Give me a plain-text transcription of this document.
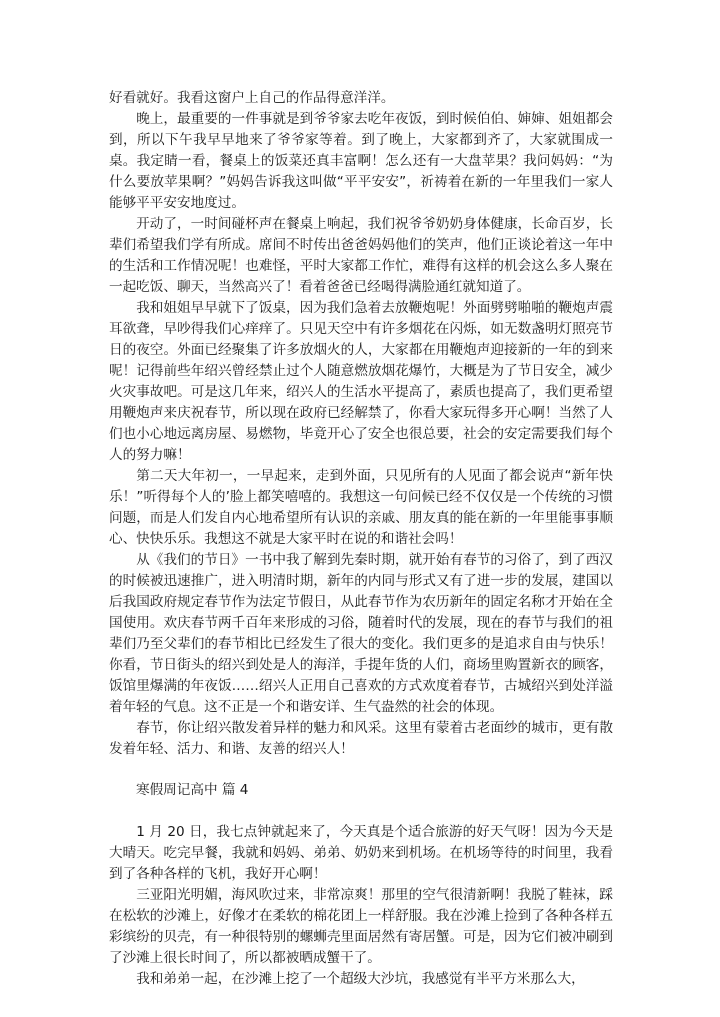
好看就好。我看这窗户上自己的作品得意洋洋。

晚上，最重要的一件事就是到爷爷家去吃年夜饭，到时候伯伯、婶婶、姐姐都会到，所以下午我早早地来了爷爷家等着。到了晚上，大家都到齐了，大家就围成一桌。我定睛一看，餐桌上的饭菜还真丰富啊！怎么还有一大盘苹果？我问妈妈：“为什么要放苹果啊？”妈妈告诉我这叫做“平平安安”，祈祷着在新的一年里我们一家人能够平平安安地度过。

开动了，一时间碰杯声在餐桌上响起，我们祝爷爷奶奶身体健康，长命百岁，长辈们希望我们学有所成。席间不时传出爸爸妈妈他们的笑声，他们正谈论着这一年中的生活和工作情况呢！也难怪，平时大家都工作忙，难得有这样的机会这么多人聚在一起吃饭、聊天，当然高兴了！看着爸爸已经喝得满脸通红就知道了。

我和姐姐早早就下了饭桌，因为我们急着去放鞭炮呢！外面劈劈啪啪的鞭炮声震耳欲聋，早吵得我们心痒痒了。只见天空中有许多烟花在闪烁，如无数盏明灯照亮节日的夜空。外面已经聚集了许多放烟火的人，大家都在用鞭炮声迎接新的一年的到来呢！记得前些年绍兴曾经禁止过个人随意燃放烟花爆竹，大概是为了节日安全，减少火灾事故吧。可是这几年来，绍兴人的生活水平提高了，素质也提高了，我们更希望用鞭炮声来庆祝春节，所以现在政府已经解禁了，你看大家玩得多开心啊！当然了人们也小心地远离房屋、易燃物，毕竟开心了安全也很总要，社会的安定需要我们每个人的努力嘛！

第二天大年初一，一早起来，走到外面，只见所有的人见面了都会说声“新年快乐！”听得每个人的’脸上都笑嘻嘻的。我想这一句问候已经不仅仅是一个传统的习惯问题，而是人们发自内心地希望所有认识的亲戚、朋友真的能在新的一年里能事事顺心、快快乐乐。我想这不就是大家平时在说的和谐社会吗！

从《我们的节日》一书中我了解到先秦时期，就开始有春节的习俗了，到了西汉的时候被迅速推广，进入明清时期，新年的内同与形式又有了进一步的发展，建国以后我国政府规定春节作为法定节假日，从此春节作为农历新年的固定名称才开始在全国使用。欢庆春节两千百年来形成的习俗，随着时代的发展，现在的春节与我们的祖辈们乃至父辈们的春节相比已经发生了很大的变化。我们更多的是追求自由与快乐！你看，节日街头的绍兴到处是人的海洋，手提年货的人们，商场里购置新衣的顾客，饭馆里爆满的年夜饭……绍兴人正用自己喜欢的方式欢度着春节，古城绍兴到处洋溢着年轻的气息。这不正是一个和谐安详、生气盎然的社会的体现。

春节，你让绍兴散发着异样的魅力和风采。这里有蒙着古老面纱的城市，更有散发着年轻、活力、和谐、友善的绍兴人！

寒假周记高中 篇 4

1 月 20 日，我七点钟就起来了，今天真是个适合旅游的好天气呀！因为今天是大晴天。吃完早餐，我就和妈妈、弟弟、奶奶来到机场。在机场等待的时间里，我看到了各种各样的飞机，我好开心啊！

三亚阳光明媚，海风吹过来，非常凉爽！那里的空气很清新啊！我脱了鞋袜，踩在松软的沙滩上，好像才在柔软的棉花团上一样舒服。我在沙滩上捡到了各种各样五彩缤纷的贝壳，有一种很特别的螺蛳壳里面居然有寄居蟹。可是，因为它们被冲刷到了沙滩上很长时间了，所以都被晒成蟹干了。

我和弟弟一起，在沙滩上挖了一个超级大沙坑，我感觉有半平方米那么大，
